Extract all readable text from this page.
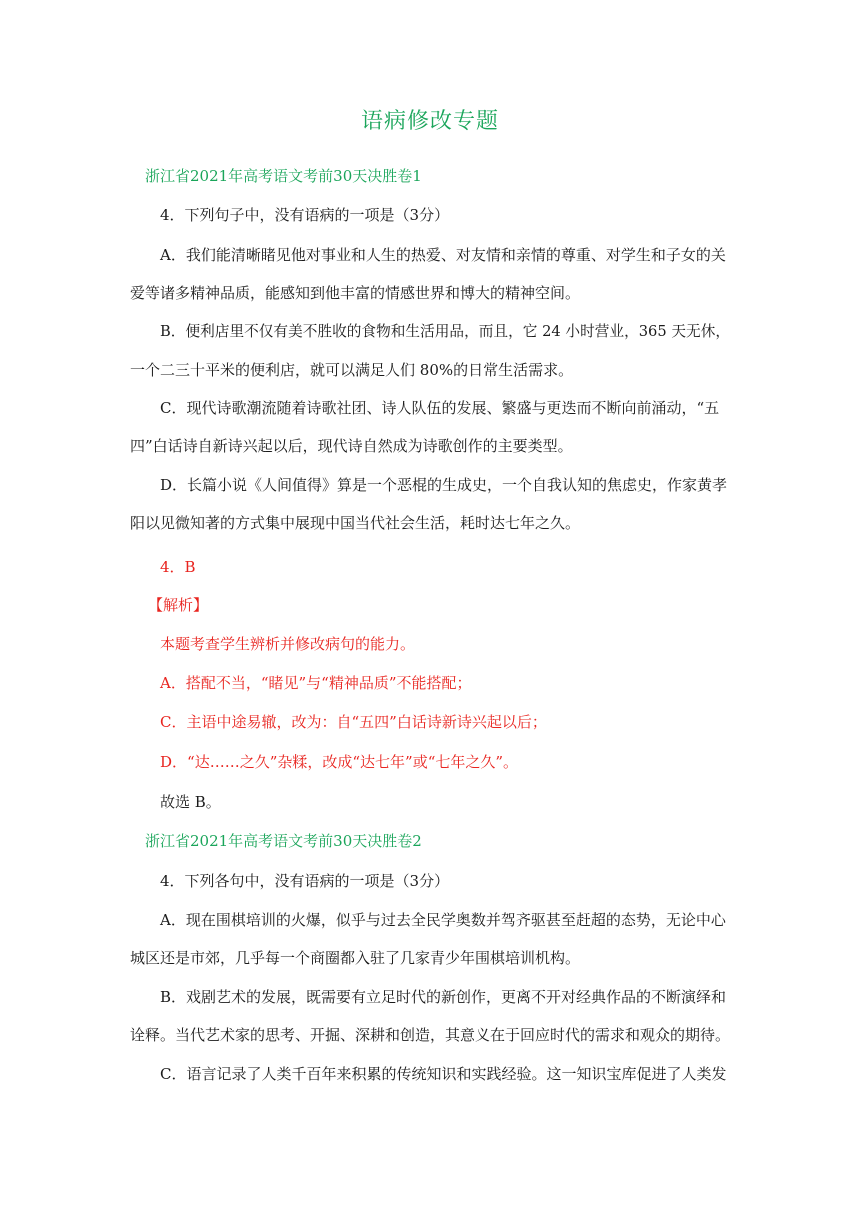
语病修改专题
浙江省2021年高考语文考前30天决胜卷1
4．下列句子中，没有语病的一项是（3分）
A．我们能清晰睹见他对事业和人生的热爱、对友情和亲情的尊重、对学生和子女的关
爱等诸多精神品质，能感知到他丰富的情感世界和博大的精神空间。
B．便利店里不仅有美不胜收的食物和生活用品，而且，它 24 小时营业，365 天无休，
一个二三十平米的便利店，就可以满足人们 80%的日常生活需求。
C．现代诗歌潮流随着诗歌社团、诗人队伍的发展、繁盛与更迭而不断向前涌动，“五
四”白话诗自新诗兴起以后，现代诗自然成为诗歌创作的主要类型。
D．长篇小说《人间值得》算是一个恶棍的生成史，一个自我认知的焦虑史，作家黄孝
阳以见微知著的方式集中展现中国当代社会生活，耗时达七年之久。
4．B
【解析】
本题考查学生辨析并修改病句的能力。
A．搭配不当，“睹见”与“精神品质”不能搭配；
C．主语中途易辙，改为：自“五四”白话诗新诗兴起以后；
D．“达……之久”杂糅，改成“达七年”或“七年之久”。
故选 B。
浙江省2021年高考语文考前30天决胜卷2
4．下列各句中，没有语病的一项是（3分）
A．现在围棋培训的火爆，似乎与过去全民学奥数并驾齐驱甚至赶超的态势，无论中心
城区还是市郊，几乎每一个商圈都入驻了几家青少年围棋培训机构。
B．戏剧艺术的发展，既需要有立足时代的新创作，更离不开对经典作品的不断演绎和
诠释。当代艺术家的思考、开掘、深耕和创造，其意义在于回应时代的需求和观众的期待。
C．语言记录了人类千百年来积累的传统知识和实践经验。这一知识宝库促进了人类发
